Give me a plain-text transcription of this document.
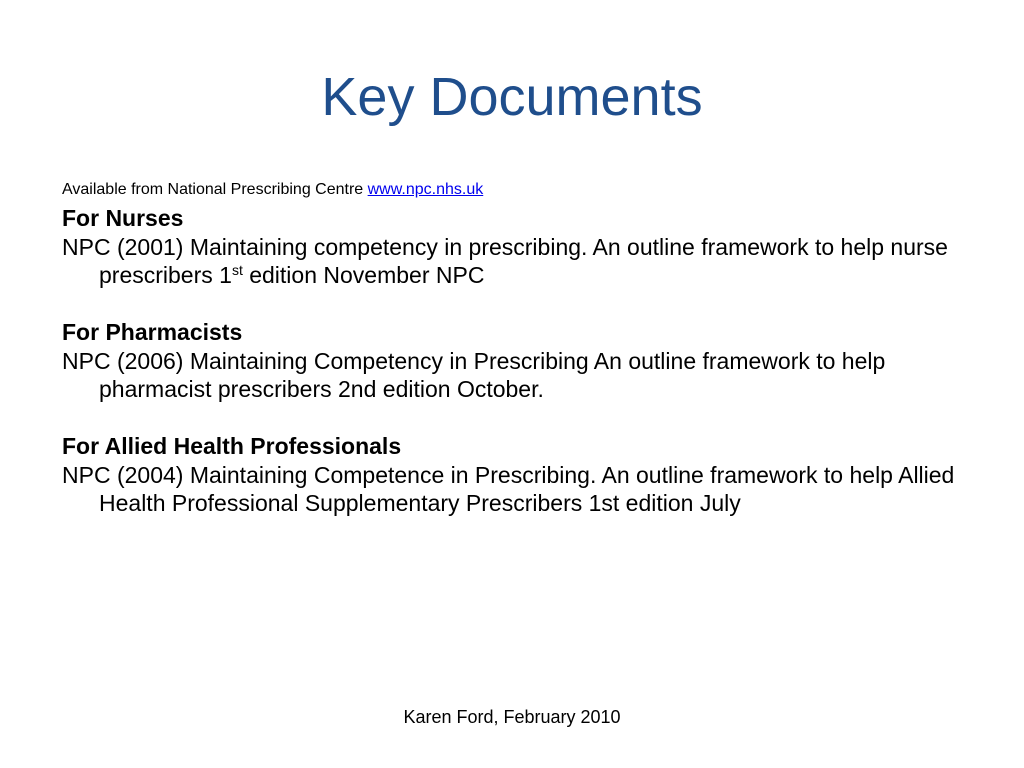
Key Documents

Available from National Prescribing Centre www.npc.nhs.uk

For Nurses

NPC (2001) Maintaining competency in prescribing. An outline framework to help nurse prescribers 1st edition November NPC

For Pharmacists

NPC (2006) Maintaining Competency in Prescribing An outline framework to help pharmacist prescribers 2nd edition October.

For Allied Health Professionals

NPC (2004) Maintaining Competence in Prescribing. An outline framework to help Allied Health Professional Supplementary Prescribers 1st edition July

Karen Ford, February 2010
